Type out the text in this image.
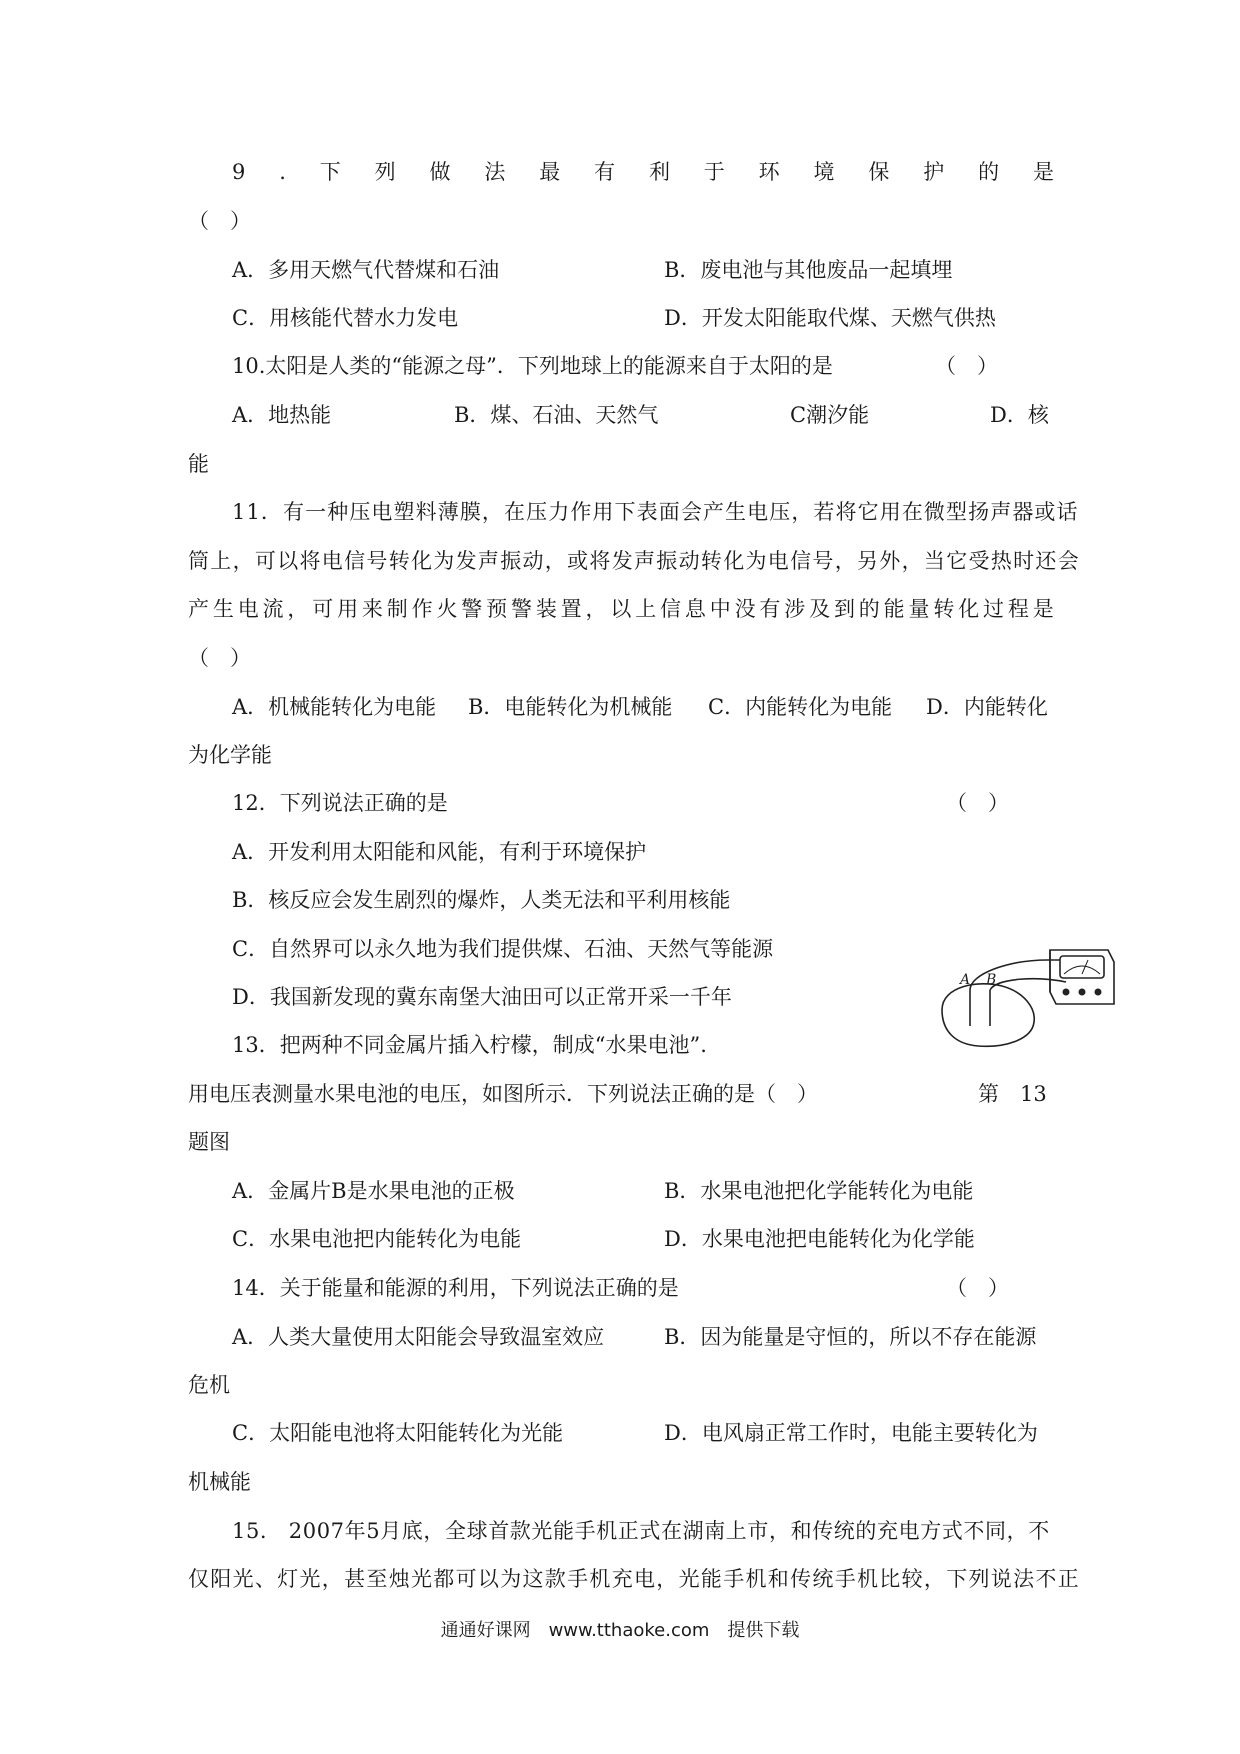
9 . 下 列 做 法 最 有 利 于 环 境 保 护 的 是
（　）
A．多用天燃气代替煤和石油	B．废电池与其他废品一起填埋
C．用核能代替水力发电	D．开发太阳能取代煤、天燃气供热
10.太阳是人类的“能源之母”．下列地球上的能源来自于太阳的是	（　）
A．地热能	B．煤、石油、天然气	C潮汐能	D．核
能
11．有一种压电塑料薄膜，在压力作用下表面会产生电压，若将它用在微型扬声器或话
筒上，可以将电信号转化为发声振动，或将发声振动转化为电信号，另外，当它受热时还会
产 生 电 流 ， 可 用 来 制 作 火 警 预 警 装 置 ， 以 上 信 息 中 没 有 涉 及 到 的 能 量 转 化 过 程 是
（　）
A．机械能转化为电能 B．电能转化为机械能 C．内能转化为电能 D．内能转化
为化学能
12．下列说法正确的是	（　）
A．开发利用太阳能和风能，有利于环境保护
B．核反应会发生剧烈的爆炸，人类无法和平利用核能
C．自然界可以永久地为我们提供煤、石油、天然气等能源
D．我国新发现的冀东南堡大油田可以正常开采一千年
13．把两种不同金属片插入柠檬，制成“水果电池”.
用电压表测量水果电池的电压，如图所示．下列说法正确的是（　）	第　13
题图
A．金属片B是水果电池的正极	B．水果电池把化学能转化为电能
C．水果电池把内能转化为电能	D．水果电池把电能转化为化学能
A B
14．关于能量和能源的利用，下列说法正确的是	（　）
A．人类大量使用太阳能会导致温室效应	B．因为能量是守恒的，所以不存在能源
危机
C．太阳能电池将太阳能转化为光能	D．电风扇正常工作时，电能主要转化为
机械能
15.　2007年5月底，全球首款光能手机正式在湖南上市，和传统的充电方式不同，不
仅阳光、灯光，甚至烛光都可以为这款手机充电，光能手机和传统手机比较，下列说法不正
通通好课网　www.tthaoke.com　提供下载
